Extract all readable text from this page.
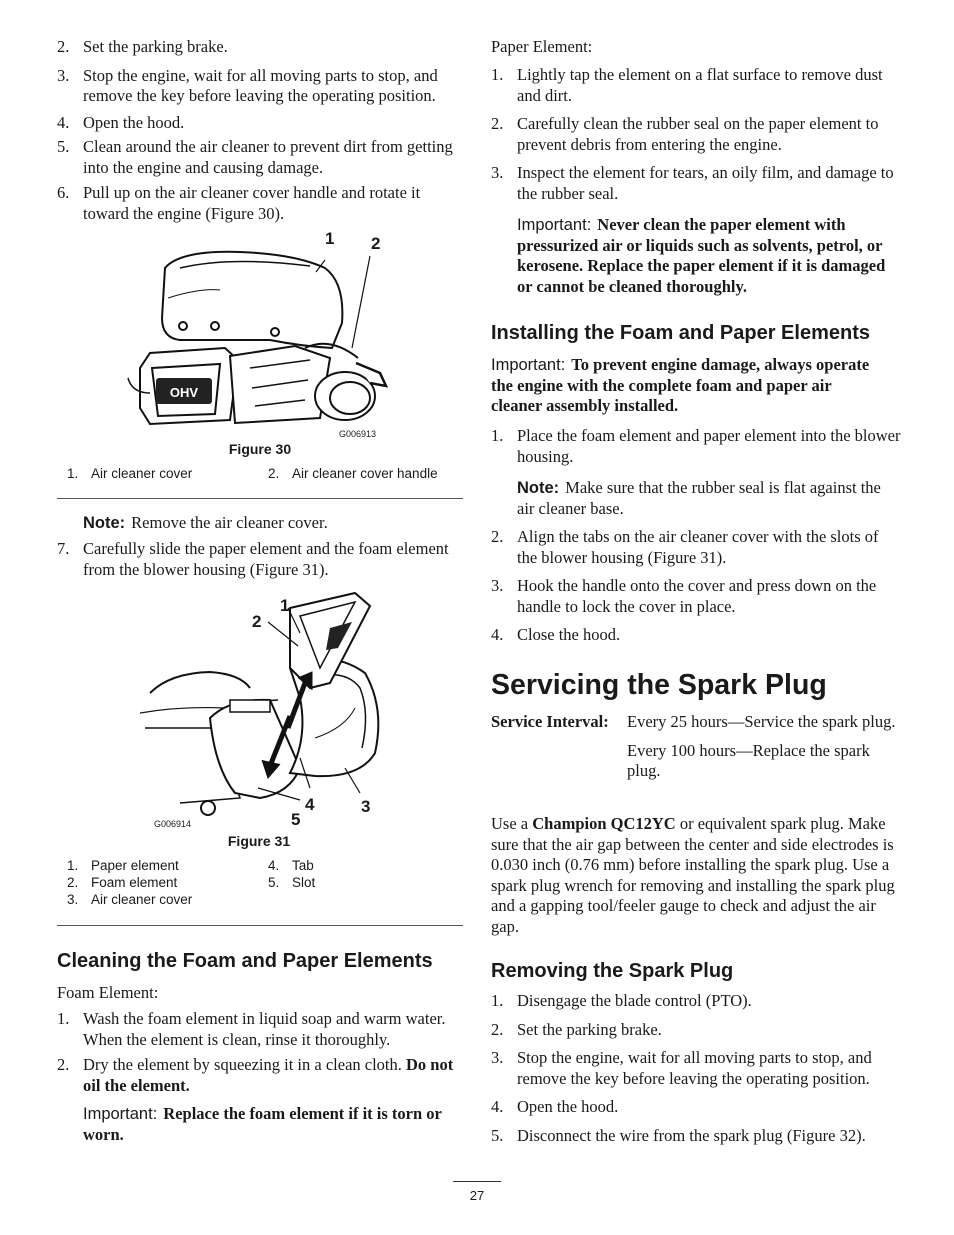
2. Set the parking brake.
3. Stop the engine, wait for all moving parts to stop, and remove the key before leaving the operating position.
4. Open the hood.
5. Clean around the air cleaner to prevent dirt from getting into the engine and causing damage.
6. Pull up on the air cleaner cover handle and rotate it toward the engine (Figure 30).
OHV
1 2
G006913
Figure 30
1. Air cleaner cover	2. Air cleaner cover handle
Note: Remove the air cleaner cover.
7. Carefully slide the paper element and the foam element from the blower housing (Figure 31).
1
2
3
4
5
G006914
Figure 31
1. Paper element
2. Foam element
3. Air cleaner cover
4. Tab
5. Slot
Cleaning the Foam and Paper Elements
Foam Element:
1. Wash the foam element in liquid soap and warm water. When the element is clean, rinse it thoroughly.
2. Dry the element by squeezing it in a clean cloth. Do not oil the element.
Important: Replace the foam element if it is torn or worn.
Paper Element:
1. Lightly tap the element on a flat surface to remove dust and dirt.
2. Carefully clean the rubber seal on the paper element to prevent debris from entering the engine.
3. Inspect the element for tears, an oily film, and damage to the rubber seal.
Important: Never clean the paper element with pressurized air or liquids such as solvents, petrol, or kerosene. Replace the paper element if it is damaged or cannot be cleaned thoroughly.
Installing the Foam and Paper Elements
Important: To prevent engine damage, always operate the engine with the complete foam and paper air cleaner assembly installed.
1. Place the foam element and paper element into the blower housing.
Note: Make sure that the rubber seal is flat against the air cleaner base.
2. Align the tabs on the air cleaner cover with the slots of the blower housing (Figure 31).
3. Hook the handle onto the cover and press down on the handle to lock the cover in place.
4. Close the hood.
Servicing the Spark Plug
Service Interval: Every 25 hours—Service the spark plug.
Every 100 hours—Replace the spark plug.
Use a Champion QC12YC or equivalent spark plug. Make sure that the air gap between the center and side electrodes is 0.030 inch (0.76 mm) before installing the spark plug. Use a spark plug wrench for removing and installing the spark plug and a gapping tool/feeler gauge to check and adjust the air gap.
Removing the Spark Plug
1. Disengage the blade control (PTO).
2. Set the parking brake.
3. Stop the engine, wait for all moving parts to stop, and remove the key before leaving the operating position.
4. Open the hood.
5. Disconnect the wire from the spark plug (Figure 32).
27
